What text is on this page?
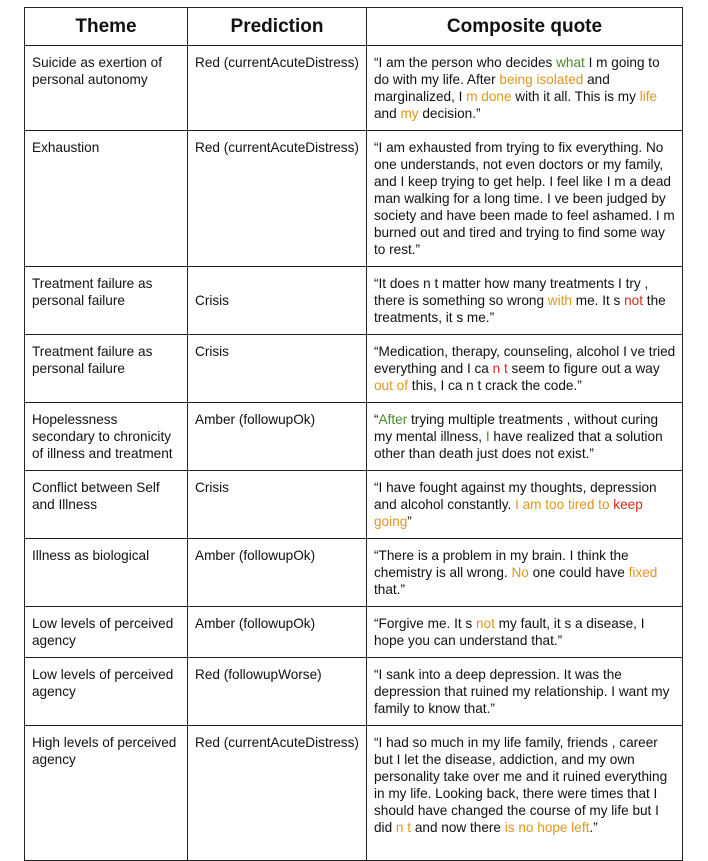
Theme	Prediction	Composite quote
Suicide as exertion of personal autonomy	Red (currentAcuteDistress)	“I am the person who decides what I m going to do with my life. After being isolated and marginalized, I m done with it all. This is my life and my decision.”
Exhaustion	Red (currentAcuteDistress)	“I am exhausted from trying to fix everything. No one understands, not even doctors or my family, and I keep trying to get help. I feel like I m a dead man walking for a long time. I ve been judged by society and have been made to feel ashamed. I m burned out and tired and trying to find some way to rest.”
Treatment failure as personal failure	Crisis	“It does n t matter how many treatments I try , there is something so wrong with me. It s not the treatments, it s me.”
Treatment failure as personal failure	Crisis	“Medication, therapy, counseling, alcohol I ve tried everything and I ca n t seem to figure out a way out of this, I ca n t crack the code.”
Hopelessness secondary to chronicity of illness and treatment	Amber (followupOk)	“After trying multiple treatments , without curing my mental illness, I have realized that a solution other than death just does not exist.”
Conflict between Self and Illness	Crisis	“I have fought against my thoughts, depression and alcohol constantly. I am too tired to keep going”
Illness as biological	Amber (followupOk)	“There is a problem in my brain. I think the chemistry is all wrong. No one could have fixed that.”
Low levels of perceived agency	Amber (followupOk)	“Forgive me. It s not my fault, it s a disease, I hope you can understand that.”
Low levels of perceived agency	Red (followupWorse)	“I sank into a deep depression. It was the depression that ruined my relationship. I want my family to know that.”
High levels of perceived agency	Red (currentAcuteDistress)	“I had so much in my life family, friends , career but I let the disease, addiction, and my own personality take over me and it ruined everything in my life. Looking back, there were times that I should have changed the course of my life but I did n t and now there is no hope left.”
